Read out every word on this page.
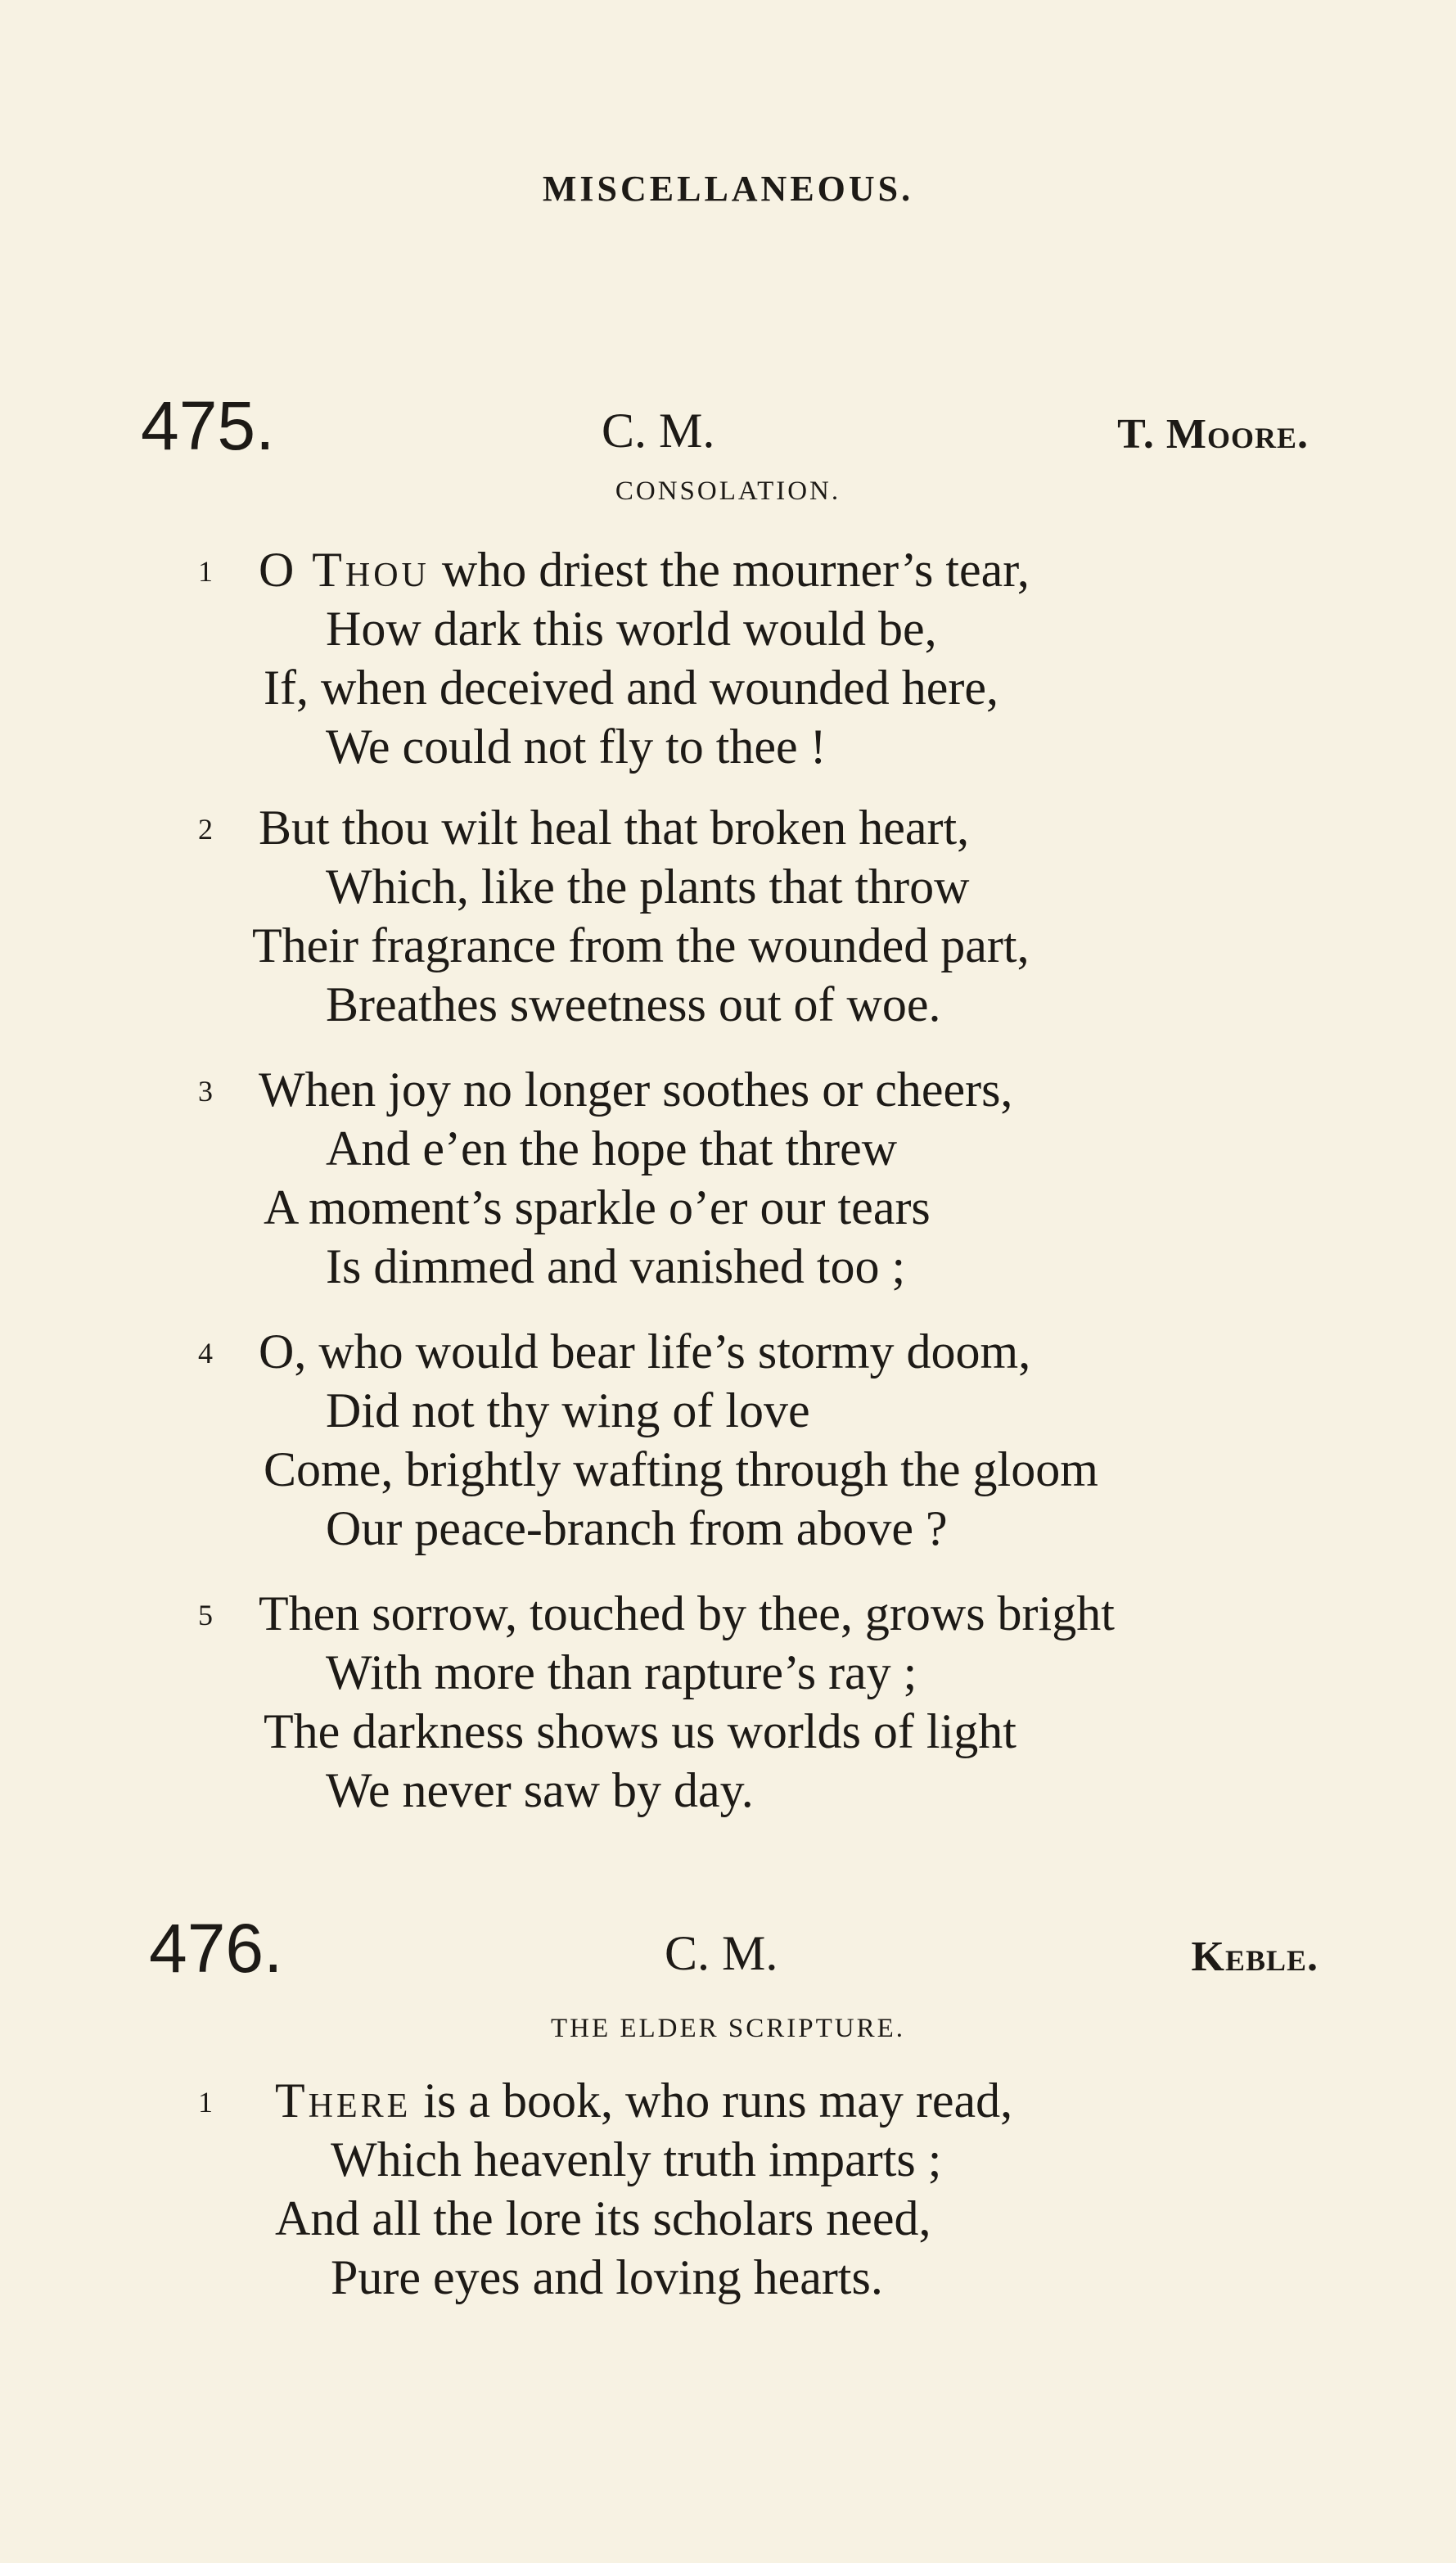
MISCELLANEOUS.
475.	C. M.	T. Moore.
CONSOLATION.
1 O Thou who driest the mourner’s tear,
How dark this world would be,
If, when deceived and wounded here,
We could not fly to thee !
2 But thou wilt heal that broken heart,
Which, like the plants that throw
Their fragrance from the wounded part,
Breathes sweetness out of woe.
3 When joy no longer soothes or cheers,
And e’en the hope that threw
A moment’s sparkle o’er our tears
Is dimmed and vanished too ;
4 O, who would bear life’s stormy doom,
Did not thy wing of love
Come, brightly wafting through the gloom
Our peace-branch from above ?
5 Then sorrow, touched by thee, grows bright
With more than rapture’s ray ;
The darkness shows us worlds of light
We never saw by day.
476.	C. M.	Keble.
THE ELDER SCRIPTURE.
1 There is a book, who runs may read,
Which heavenly truth imparts ;
And all the lore its scholars need,
Pure eyes and loving hearts.
